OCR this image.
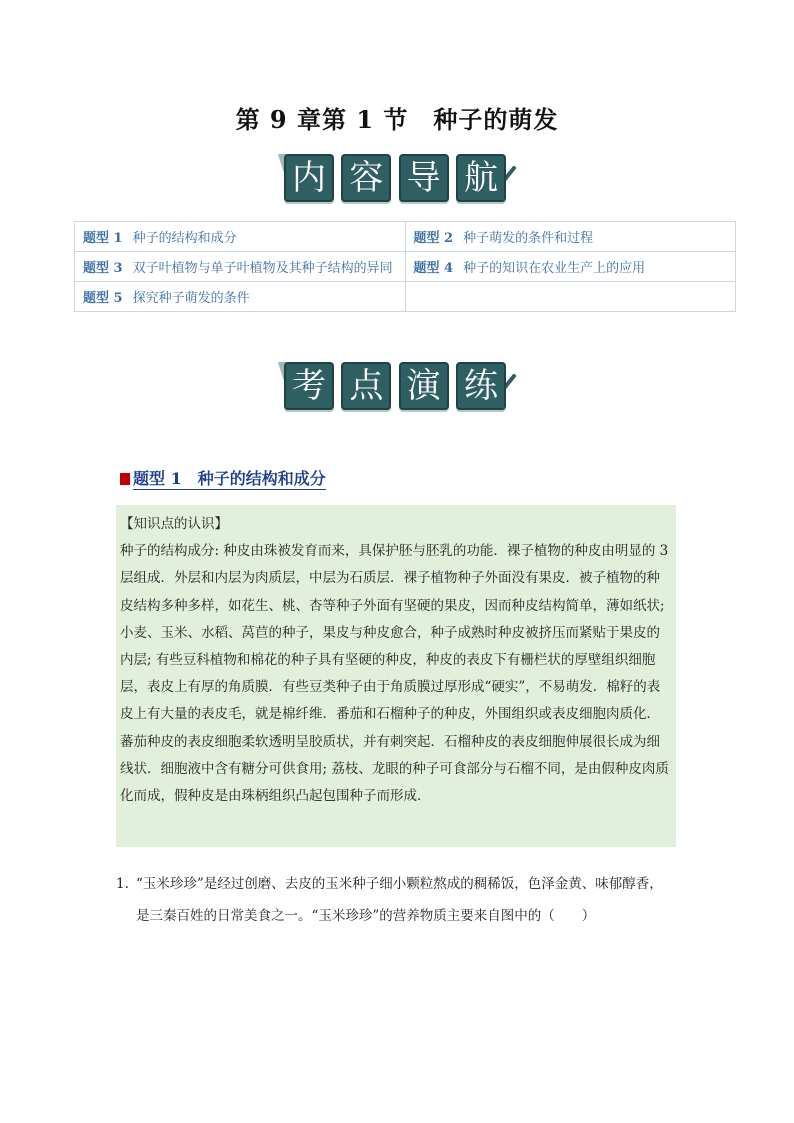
第 9 章第 1 节　种子的萌发
内 容 导 航
题型 1 种子的结构和成分	题型 2 种子萌发的条件和过程
题型 3 双子叶植物与单子叶植物及其种子结构的异同	题型 4 种子的知识在农业生产上的应用
题型 5 探究种子萌发的条件	
考 点 演 练
题型 1　 种子的结构和成分

【知识点的认识】

种子的结构成分: 种皮由珠被发育而来，具保护胚与胚乳的功能．裸子植物的种皮由明显的 3 层组成．外层和内层为肉质层，中层为石质层．裸子植物种子外面没有果皮．被子植物的种皮结构多种多样，如花生、桃、杏等种子外面有坚硬的果皮，因而种皮结构简单，薄如纸状; 小麦、玉米、水稻、莴苣的种子，果皮与种皮愈合，种子成熟时种皮被挤压而紧贴于果皮的内层; 有些豆科植物和棉花的种子具有坚硬的种皮，种皮的表皮下有栅栏状的厚壁组织细胞层，表皮上有厚的角质膜．有些豆类种子由于角质膜过厚形成“硬实”，不易萌发．棉籽的表皮上有大量的表皮毛，就是棉纤维．番茄和石榴种子的种皮，外围组织或表皮细胞肉质化．蕃茄种皮的表皮细胞柔软透明呈胶质状，并有刺突起．石榴种皮的表皮细胞伸展很长成为细线状．细胞液中含有糖分可供食用; 荔枝、龙眼的种子可食部分与石榴不同，是由假种皮肉质化而成，假种皮是由珠柄组织凸起包围种子而形成．

1. “玉米珍珍”是经过创磨、去皮的玉米种子细小颗粒熬成的稠稀饭，色泽金黄、味郁醇香，
是三秦百姓的日常美食之一。“玉米珍珍”的营养物质主要来自图中的（　　）
